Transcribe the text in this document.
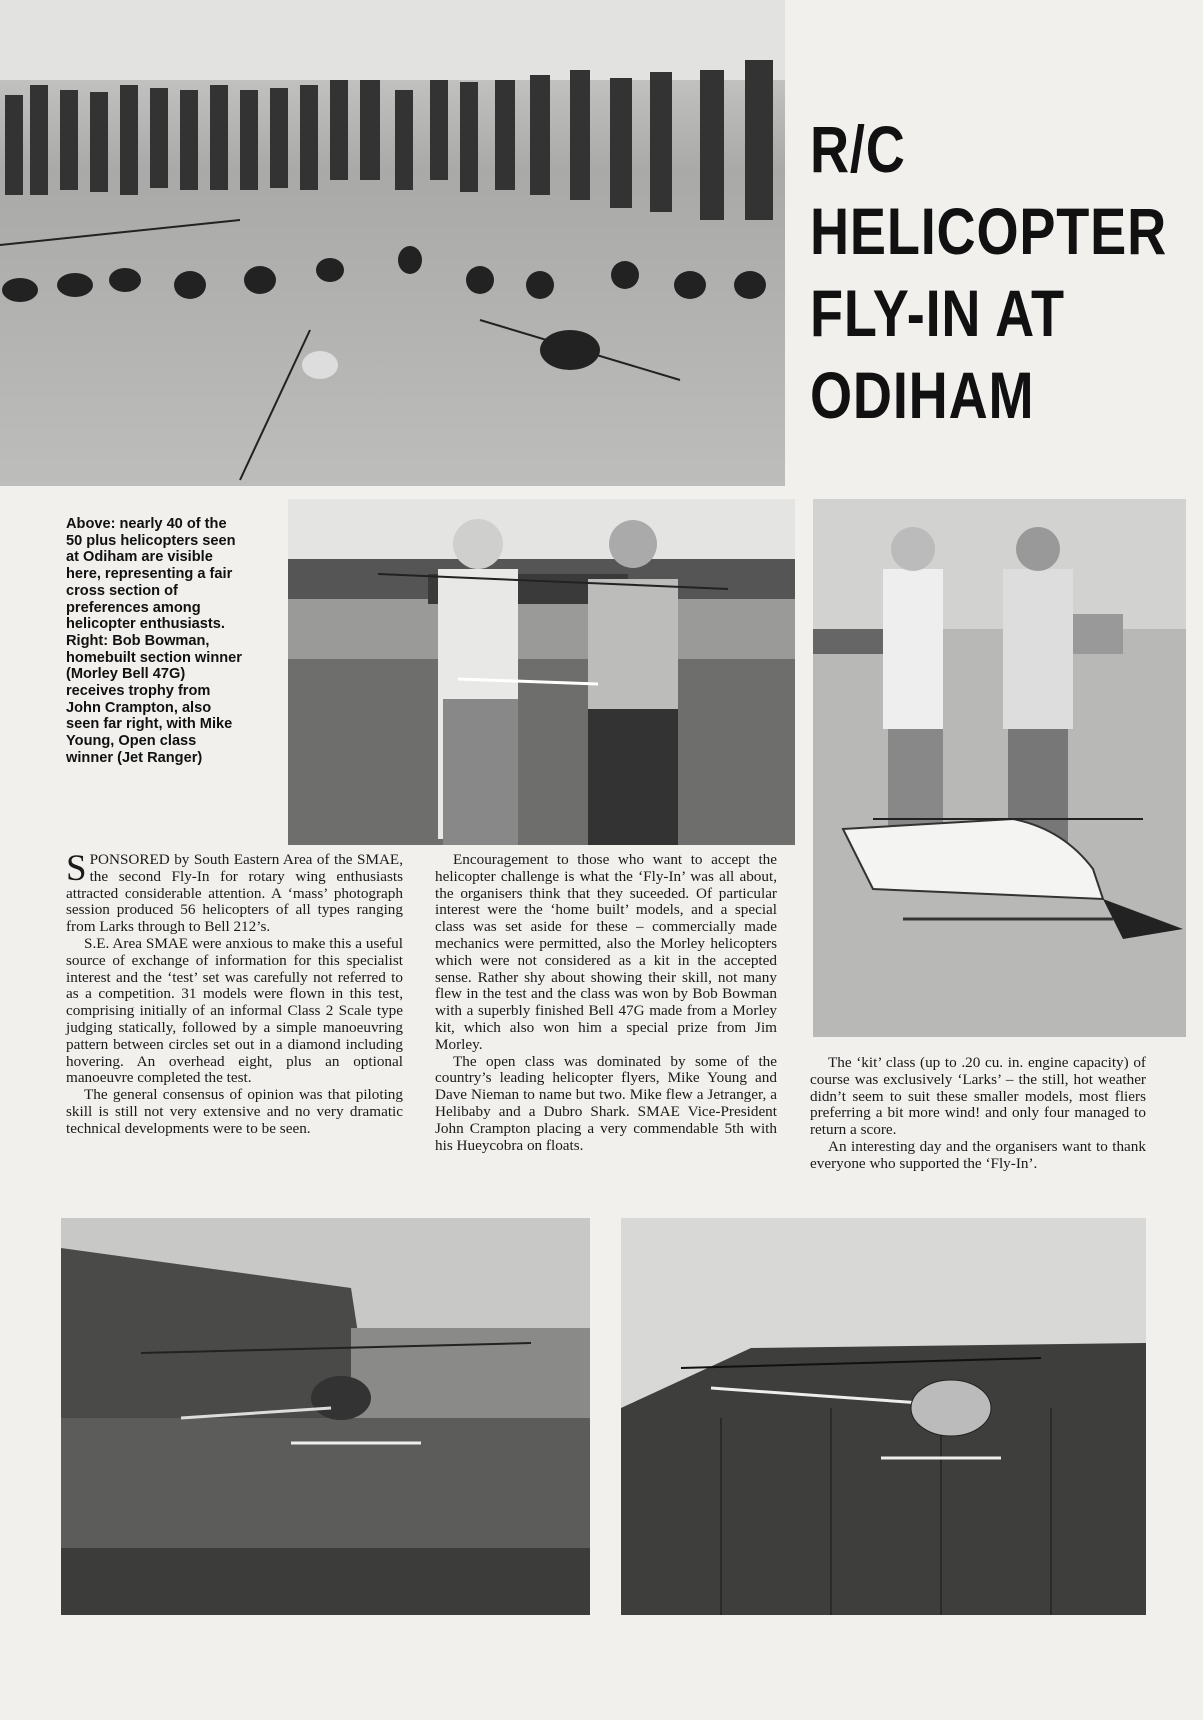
R/C
HELICOPTER
FLY-IN AT
ODIHAM
Above: nearly 40 of the 50 plus helicopters seen at Odiham are visible here, representing a fair cross section of preferences among helicopter enthusiasts. Right: Bob Bowman, homebuilt section winner (Morley Bell 47G) receives trophy from John Crampton, also seen far right, with Mike Young, Open class winner (Jet Ranger)

SPONSORED by South Eastern Area of the SMAE, the second Fly-In for rotary wing enthusiasts attracted considerable attention. A ‘mass’ photograph session produced 56 helicopters of all types ranging from Larks through to Bell 212’s.

S.E. Area SMAE were anxious to make this a useful source of exchange of information for this specialist interest and the ‘test’ set was carefully not referred to as a competition. 31 models were flown in this test, comprising initially of an informal Class 2 Scale type judging statically, followed by a simple manoeuvring pattern between circles set out in a diamond including hovering. An overhead eight, plus an optional manoeuvre completed the test.

The general consensus of opinion was that piloting skill is still not very extensive and no very dramatic technical developments were to be seen.

Encouragement to those who want to accept the helicopter challenge is what the ‘Fly-In’ was all about, the organisers think that they suceeded. Of particular interest were the ‘home built’ models, and a special class was set aside for these – commercially made mechanics were permitted, also the Morley helicopters which were not considered as a kit in the accepted sense. Rather shy about showing their skill, not many flew in the test and the class was won by Bob Bowman with a superbly finished Bell 47G made from a Morley kit, which also won him a special prize from Jim Morley.

The open class was dominated by some of the country’s leading helicopter flyers, Mike Young and Dave Nieman to name but two. Mike flew a Jetranger, a Helibaby and a Dubro Shark. SMAE Vice-President John Crampton placing a very commendable 5th with his Hueycobra on floats.

The ‘kit’ class (up to .20 cu. in. engine capacity) of course was exclusively ‘Larks’ – the still, hot weather didn’t seem to suit these smaller models, most fliers preferring a bit more wind! and only four managed to return a score.

An interesting day and the organisers want to thank everyone who supported the ‘Fly-In’.
